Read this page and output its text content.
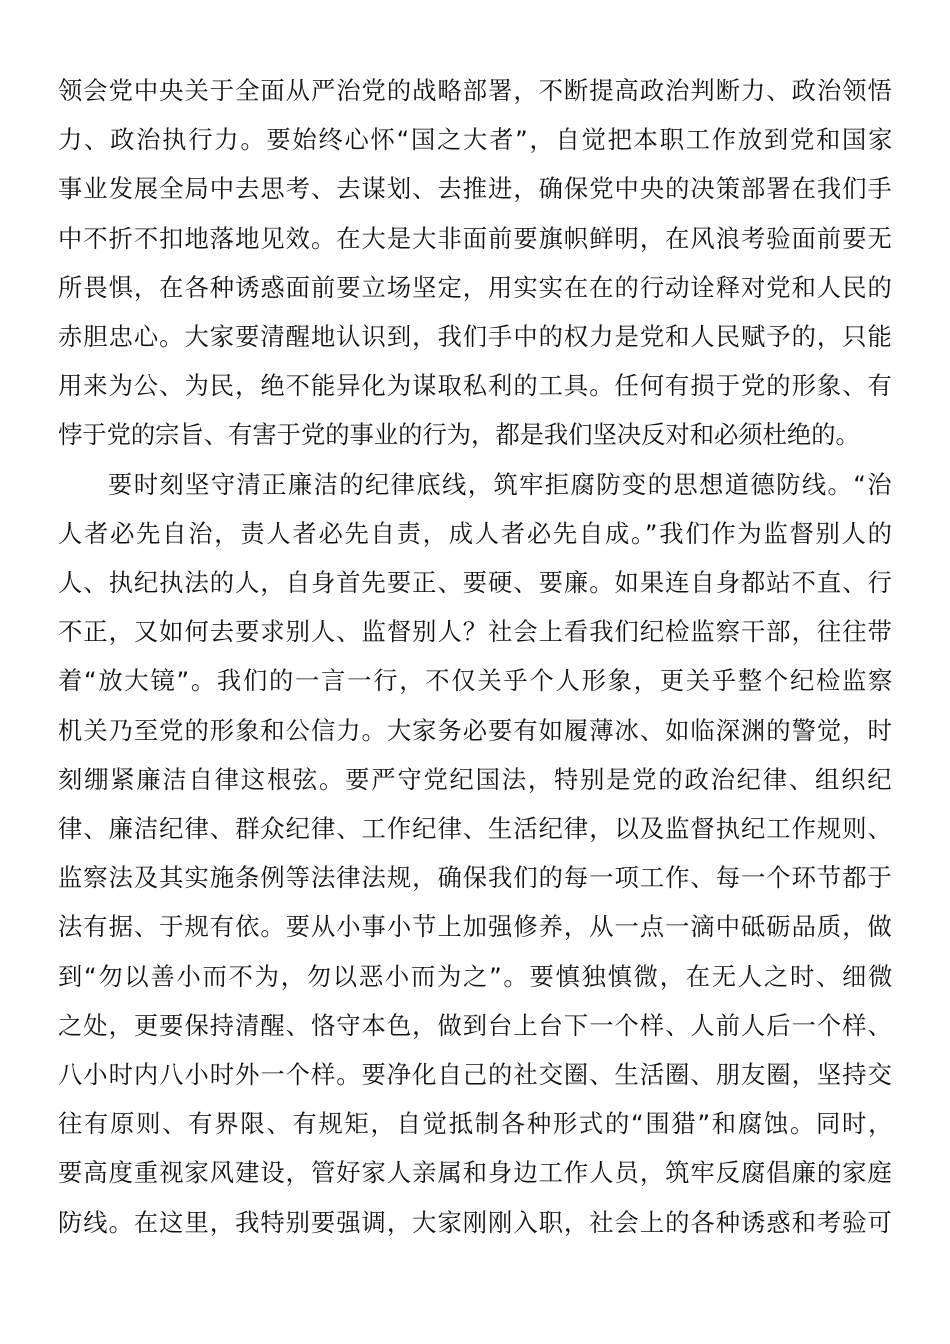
领会党中央关于全面从严治党的战略部署，不断提高政治判断力、政治领悟
力、政治执行力。要始终心怀“国之大者”，自觉把本职工作放到党和国家
事业发展全局中去思考、去谋划、去推进，确保党中央的决策部署在我们手
中不折不扣地落地见效。在大是大非面前要旗帜鲜明，在风浪考验面前要无
所畏惧，在各种诱惑面前要立场坚定，用实实在在的行动诠释对党和人民的
赤胆忠心。大家要清醒地认识到，我们手中的权力是党和人民赋予的，只能
用来为公、为民，绝不能异化为谋取私利的工具。任何有损于党的形象、有
悖于党的宗旨、有害于党的事业的行为，都是我们坚决反对和必须杜绝的。
要时刻坚守清正廉洁的纪律底线，筑牢拒腐防变的思想道德防线。“治
人者必先自治，责人者必先自责，成人者必先自成。”我们作为监督别人的
人、执纪执法的人，自身首先要正、要硬、要廉。如果连自身都站不直、行
不正，又如何去要求别人、监督别人？社会上看我们纪检监察干部，往往带
着“放大镜”。我们的一言一行，不仅关乎个人形象，更关乎整个纪检监察
机关乃至党的形象和公信力。大家务必要有如履薄冰、如临深渊的警觉，时
刻绷紧廉洁自律这根弦。要严守党纪国法，特别是党的政治纪律、组织纪
律、廉洁纪律、群众纪律、工作纪律、生活纪律，以及监督执纪工作规则、
监察法及其实施条例等法律法规，确保我们的每一项工作、每一个环节都于
法有据、于规有依。要从小事小节上加强修养，从一点一滴中砥砺品质，做
到“勿以善小而不为，勿以恶小而为之”。要慎独慎微，在无人之时、细微
之处，更要保持清醒、恪守本色，做到台上台下一个样、人前人后一个样、
八小时内八小时外一个样。要净化自己的社交圈、生活圈、朋友圈，坚持交
往有原则、有界限、有规矩，自觉抵制各种形式的“围猎”和腐蚀。同时，
要高度重视家风建设，管好家人亲属和身边工作人员，筑牢反腐倡廉的家庭
防线。在这里，我特别要强调，大家刚刚入职，社会上的各种诱惑和考验可
